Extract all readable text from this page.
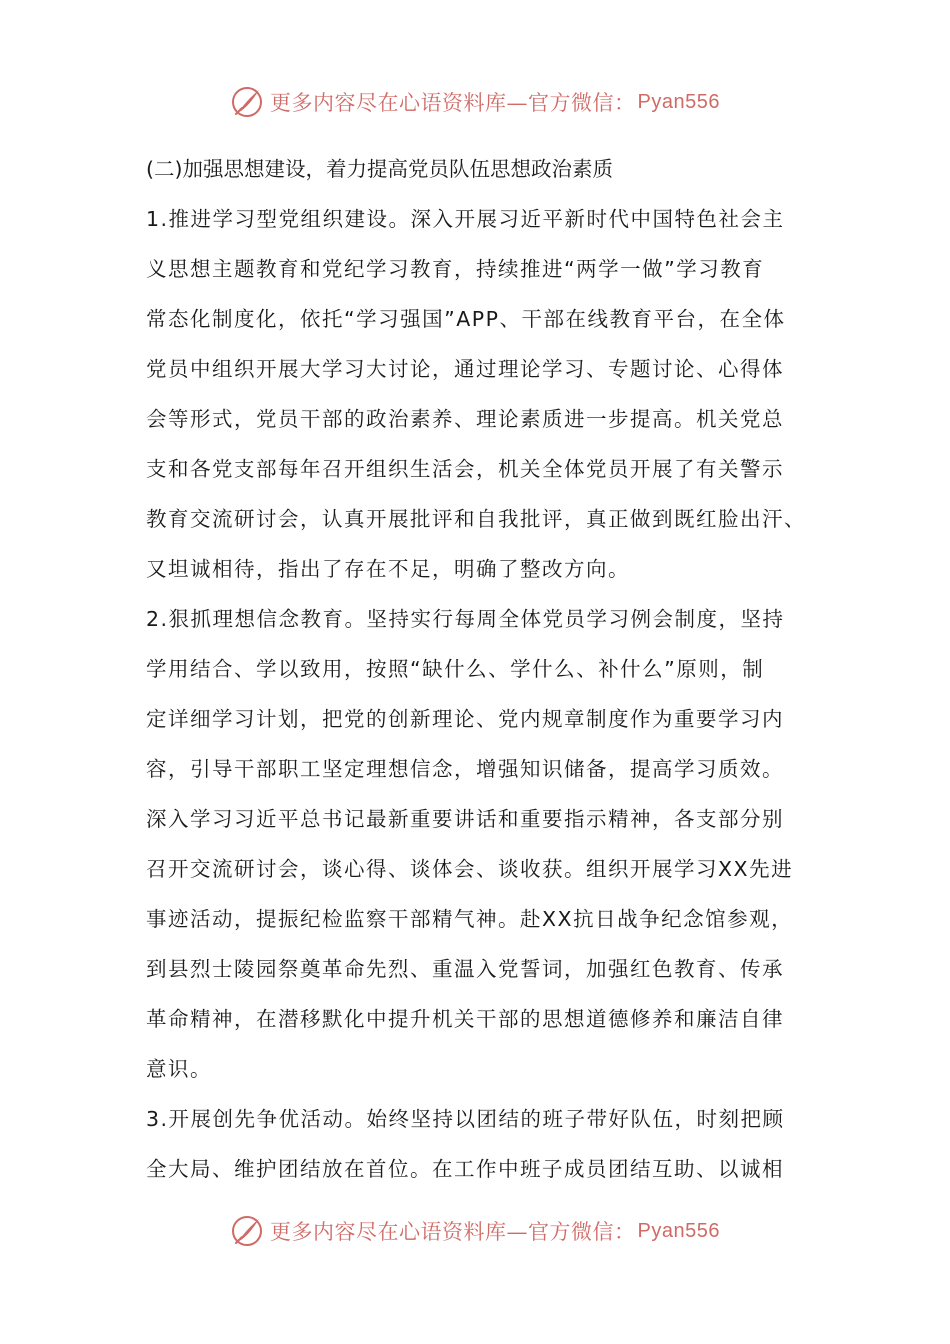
更多内容尽在心语资料库—官方微信： Pyan556
(二)加强思想建设，着力提高党员队伍思想政治素质
1.推进学习型党组织建设。深入开展习近平新时代中国特色社会主
义思想主题教育和党纪学习教育，持续推进“两学一做”学习教育
常态化制度化，依托“学习强国”APP、干部在线教育平台，在全体
党员中组织开展大学习大讨论，通过理论学习、专题讨论、心得体
会等形式，党员干部的政治素养、理论素质进一步提高。机关党总
支和各党支部每年召开组织生活会，机关全体党员开展了有关警示
教育交流研讨会，认真开展批评和自我批评，真正做到既红脸出汗、
又坦诚相待，指出了存在不足，明确了整改方向。
2.狠抓理想信念教育。坚持实行每周全体党员学习例会制度，坚持
学用结合、学以致用，按照“缺什么、学什么、补什么”原则，制
定详细学习计划，把党的创新理论、党内规章制度作为重要学习内
容，引导干部职工坚定理想信念，增强知识储备，提高学习质效。
深入学习习近平总书记最新重要讲话和重要指示精神，各支部分别
召开交流研讨会，谈心得、谈体会、谈收获。组织开展学习XX先进
事迹活动，提振纪检监察干部精气神。赴XX抗日战争纪念馆参观，
到县烈士陵园祭奠革命先烈、重温入党誓词，加强红色教育、传承
革命精神，在潜移默化中提升机关干部的思想道德修养和廉洁自律
意识。
3.开展创先争优活动。始终坚持以团结的班子带好队伍，时刻把顾
全大局、维护团结放在首位。在工作中班子成员团结互助、以诚相
更多内容尽在心语资料库—官方微信： Pyan556
